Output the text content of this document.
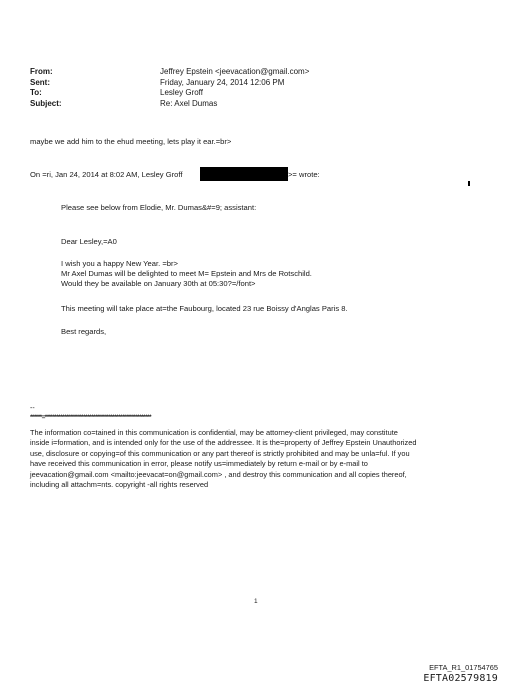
From:	Jeffrey Epstein <jeevacation@gmail.com>
Sent:	Friday, January 24, 2014 12:06 PM
To:	Lesley Groff
Subject:	Re: Axel Dumas
maybe we add him to the ehud meeting, lets play it ear.=br>
On =ri, Jan 24, 2014 at 8:02 AM, Lesley Groff	>= wrote:
Please see below from Elodie, Mr. Dumas&#=9; assistant:
Dear Lesley,=A0
I wish you a happy New Year. =br>
Mr Axel Dumas will be delighted to meet M= Epstein and Mrs de Rotschild.
Would they be available on January 30th at 05:30?=/font>
This meeting will take place at=the Faubourg, located 23 rue Boissy d'Anglas Paris 8.
Best regards,
--
******=*******************************************************
The information co=tained in this communication is confidential, may be attorney-client privileged, may constitute
inside i=formation, and is intended only for the use of the addressee. It is the=property of Jeffrey Epstein Unauthorized
use, disclosure or copying=of this communication or any part thereof is strictly prohibited and may be unla=ful. If you
have received this communication in error, please notify us=immediately by return e-mail or by e-mail to
jeevacation@gmail.com <mailto:jeevacat=on@gmail.com> , and destroy this communication and all copies thereof,
including all attachm=nts. copyright -all rights reserved
1
EFTA_R1_01754765
EFTA02579819
